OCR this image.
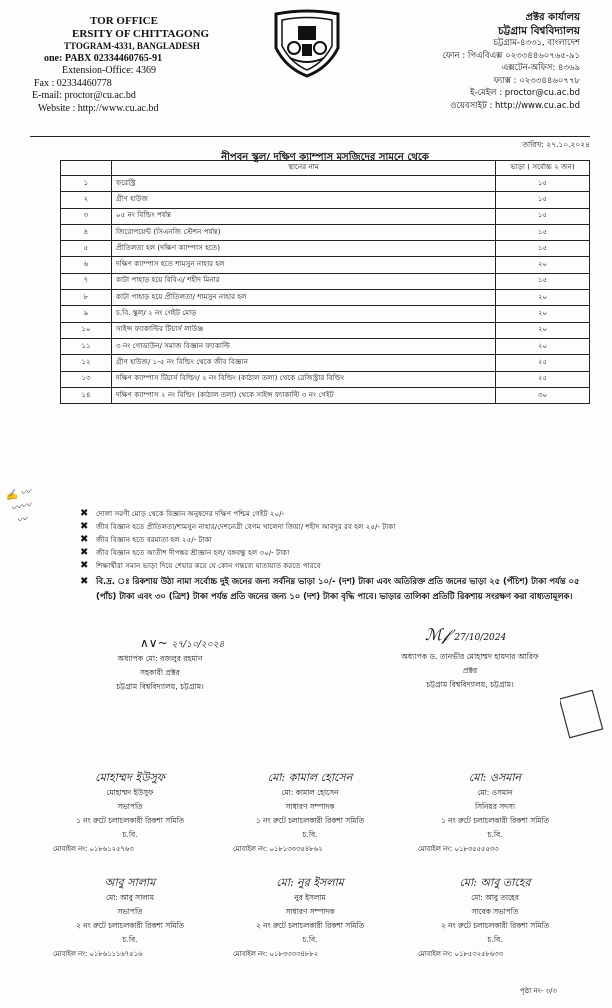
TOR OFFICE
ERSITY OF CHITTAGONG
TTOGRAM-4331, BANGLADESH
one: PABX 02334460765-91
Extension-Office: 4369
Fax : 02334460778
E-mail: proctor@cu.ac.bd
Website : http://www.cu.ac.bd
প্রক্টর কার্যালয়
চট্টগ্রাম বিশ্ববিদ্যালয়
চট্টগ্রাম-৪৩৩১, বাংলাদেশ
ফোন : পিএবিএক্স ০২৩৩৪৪৬০৭৬৫-৯১
এক্সটেন-অফিস: ৪৩৬৯
ফ্যাক্স : ০২৩৩৪৪৬০৭৭৮
ই-মেইল : proctor@cu.ac.bd
ওয়েবসাইট : http://www.cu.ac.bd
তারিখ: ২৭.১০.২০২৪
নীপবন স্কুল/ দক্ষিণ ক্যাম্পাস মসজিদের সামনে থেকে
	স্থানের নাম	ভাড়া ( সর্বোচ্চ ২ জন)
১	ফরেস্ট্রি	১৫
২	গ্রীণ হাউজ	১৫
৩	০৫ নং বিল্ডিং পর্যন্ত	১৫
৪	জিরোপয়েন্ট (সিএনজি স্টেশন পর্যন্ত)	১৫
৫	প্রীতিলতা হল (দক্ষিণ ক্যাম্পাস হতে)	১৫
৬	দক্ষিণ ক্যাম্পাস হতে শামসুন নাহার হল	২০
৭	কাটা পাহাড় হয়ে বিবিএ/ শহীদ মিনার	১৫
৮	কাটা পাহাড় হয়ে প্রীতিলতা/ শামসুন নাহার হল	২০
৯	চ.বি. স্কুল/ ২ নং গেইট মোড়	২০
১০	সাইন্স ফ্যাকাল্টির টিচার্স লাউঞ্জ	২০
১১	৩ নং গোডাউন/ সমাজ বিজ্ঞান ফ্যাকাল্টি	২০
১২	গ্রীণ হাউজ/ ১-৫ নং বিল্ডিং থেকে জীব বিজ্ঞান	২৫
১৩	দক্ষিণ ক্যাম্পাস টিচার্স বিল্ডিং/ ২ নং বিল্ডিং (কাঠাল তলা) থেকে রেজিস্ট্রার বিল্ডিং	২৫
১৪	দক্ষিণ ক্যাম্পাস ২ নং বিল্ডিং (কাঠাল তলা) থেকে সাইন্স ফ্যাকাল্টি ৩ নং গেইট	৩০
✍ 〰
〰〰
〰
✖ দোলা সরণী মোড় থেকে বিজ্ঞান অনুষদের দক্ষিণ পশ্চিম গেইট ২০/-
✖ জীব বিজ্ঞান হতে প্রীতিলতা/শামসুন নাহার/দেশনেত্রী বেগম খালেদা জিয়া/ শহীদ আবদুর রব হল ২৫/- টাকা
✖ জীব বিজ্ঞান হতে বরমাতা হল ২৫/- টাকা
✖ জীব বিজ্ঞান হতে আতীশ দীপঙ্কর শ্রীজ্ঞান হল/ বঙ্গবন্ধু হল ৩০/- টাকা
✖ শিক্ষার্থীরা সমান ভাড়া দিয়ে শেয়ার করে যে কোন গন্তব্যে যাতায়াত করতে পারবে
✖ বি.দ্র. ঃ রিকশায় উঠা নামা সর্বোচ্চ দুই জনের জন্য সর্বনিম্ন ভাড়া ১০/- (দশ) টাকা এবং অতিরিক্ত প্রতি জনের ভাড়া ২৫ (পঁচিশ) টাকা পর্যন্ত ০৫ (পাঁচ) টাকা এবং ৩০ (ত্রিশ) টাকা পর্যন্ত প্রতি জনের জন্য ১০ (দশ) টাকা বৃদ্ধি পাবে। ভাড়ার তালিকা প্রতিটি রিকশায় সংরক্ষণ করা বাধ্যতামূলক।
∧∨~ ২৭/১০/২০২৪
অধ্যাপক মো: বজলুর রহমান
সহকারী প্রক্টর
চট্টগ্রাম বিশ্ববিদ্যালয়, চট্টগ্রাম।
ℳ𝒻 27/10/2024
অধ্যাপক ড. তানভীর মোহাম্মদ হায়দার আরিফ
প্রক্টর
চট্টগ্রাম বিশ্ববিদ্যালয়, চট্টগ্রাম।
মোহাম্মদ ইউসুফ
মোহাম্মদ ইউসুফ
সভাপতি
১ নং রুটে চলাচলকারী রিকশা সমিতি
চ.বি.
মোবাইল নং: ০১৮৬১২৫৭৬৩
মো: কামাল হোসেন
মো: কামাল হোসেন
সাধারণ সম্পাদক
১ নং রুটে চলাচলকারী রিকশা সমিতি
চ.বি.
মোবাইল নং: ০১৮১৩৩৩৫৪৮৬২
মো: ওসমান
মো: ওসমান
সিনিয়র সদস্য
১ নং রুটে চলাচলকারী রিকশা সমিতি
চ.বি.
মোবাইল নং: ০১৮৩৫৫৫৫৩৩
আবু সালাম
মো: আবু সালাম
সভাপতি
২ নং রুটে চলাচলকারী রিকশা সমিতি
চ.বি.
মোবাইল নং: ০১৮৬১১১৬৭৫১৬
মো: নুর ইসলাম
নুর ইসলাম
সাধারণ সম্পাদক
২ নং রুটে চলাচলকারী রিকশা সমিতি
চ.বি.
মোবাইল নং: ০১৮৩৩৩৩৪৮৮২
মো: আবু তাহের
মো: আবু তাহের
সাবেক সভাপতি
২ নং রুটে চলাচলকারী রিকশা সমিতি
চ.বি.
মোবাইল নং: ০১৮৫৩২৫৮৬৩৩
পৃষ্ঠা নং- ৩/৩
